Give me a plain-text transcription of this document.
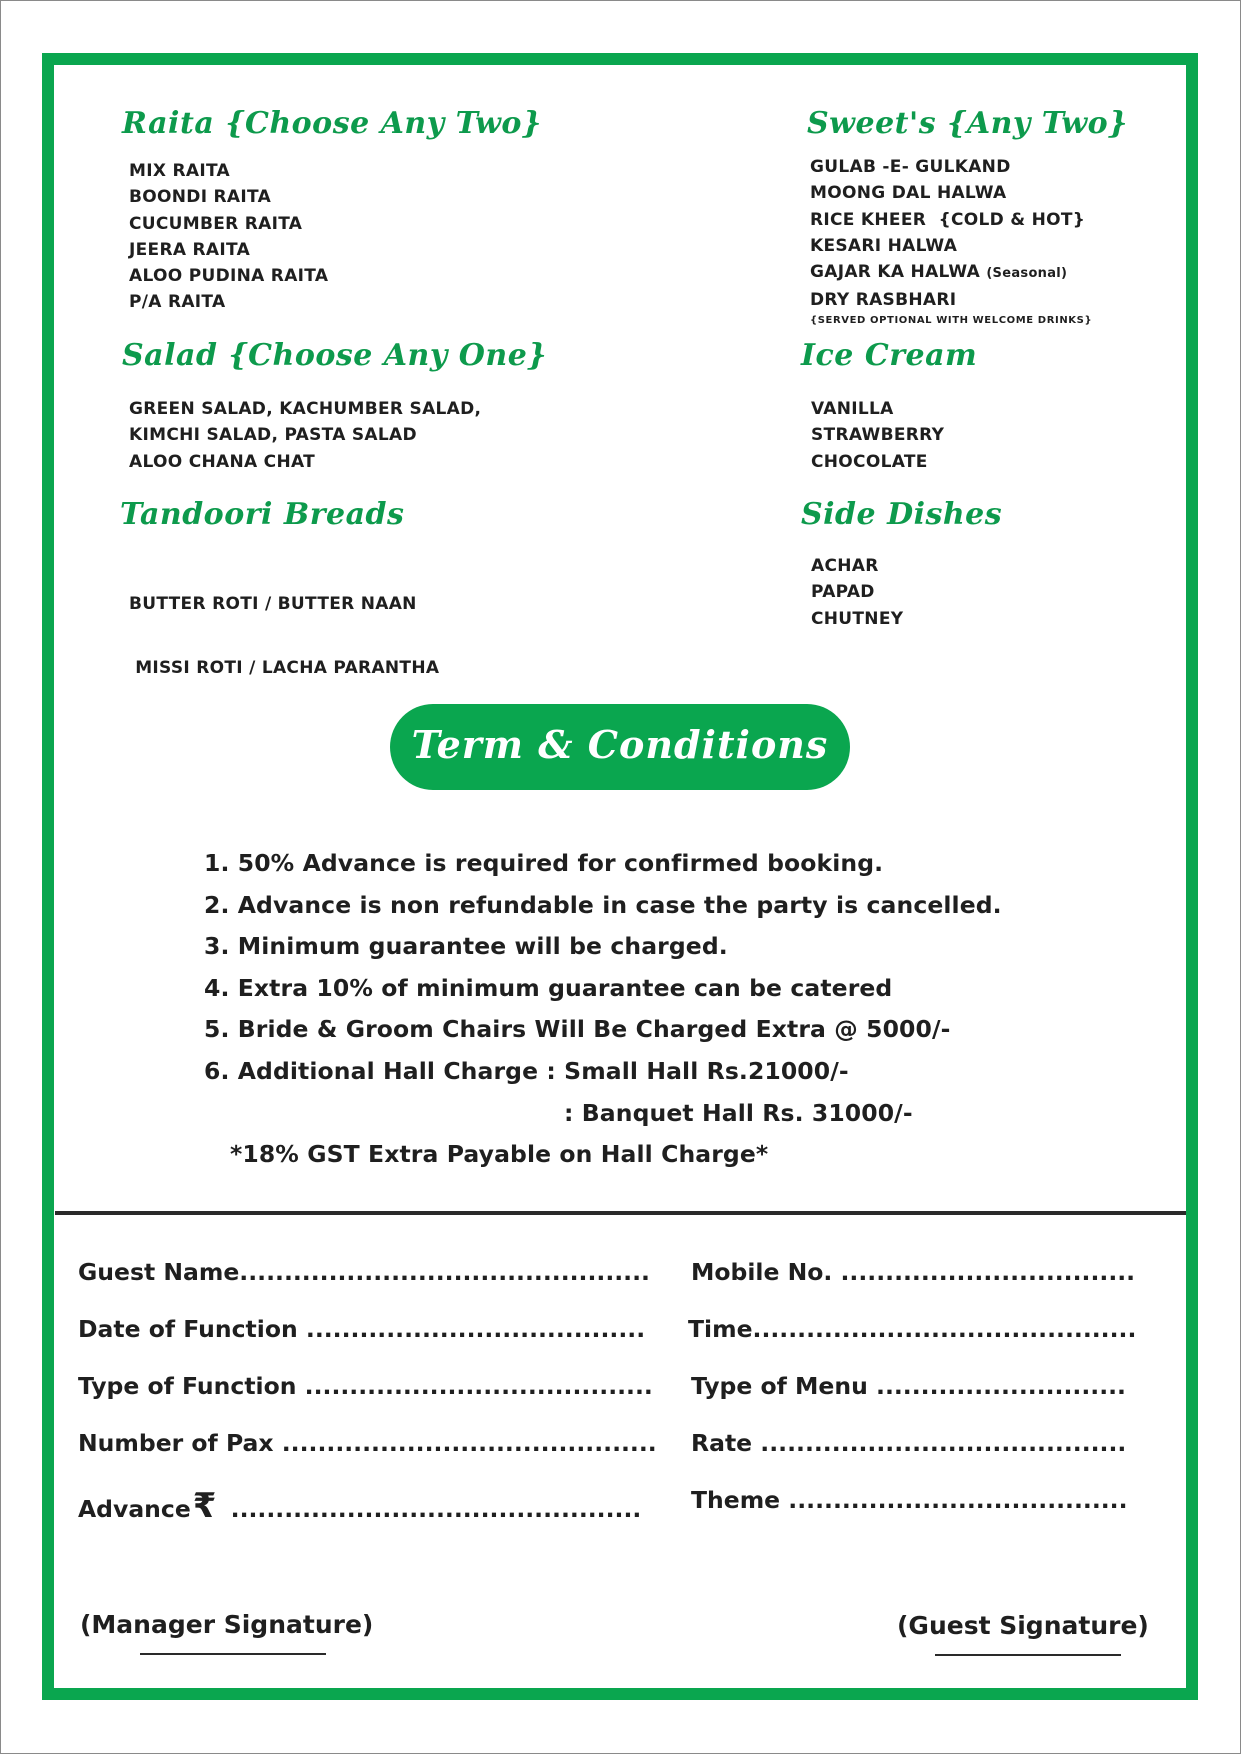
Raita {Choose Any Two}
MIX RAITA
BOONDI RAITA
CUCUMBER RAITA
JEERA RAITA
ALOO PUDINA RAITA
P/A RAITA
Salad {Choose Any One}
GREEN SALAD, KACHUMBER SALAD,
KIMCHI SALAD, PASTA SALAD
ALOO CHANA CHAT
Tandoori Breads

BUTTER ROTI / BUTTER NAAN

MISSI ROTI / LACHA PARANTHA

Sweet's {Any Two}
GULAB -E- GULKAND
MOONG DAL HALWA
RICE KHEER  {COLD & HOT}
KESARI HALWA
GAJAR KA HALWA (Seasonal)
DRY RASBHARI
{SERVED OPTIONAL WITH WELCOME DRINKS}
Ice Cream
VANILLA
STRAWBERRY
CHOCOLATE
Side Dishes
ACHAR
PAPAD
CHUTNEY
Term & Conditions
1. 50% Advance is required for confirmed booking.
2. Advance is non refundable in case the party is cancelled.
3. Minimum guarantee will be charged.
4. Extra 10% of minimum guarantee can be catered
5. Bride & Groom Chairs Will Be Charged Extra @ 5000/-
6. Additional Hall Charge : Small Hall Rs.21000/-
: Banquet Hall Rs. 31000/-
*18% GST Extra Payable on Hall Charge*
Guest Name.............................................. Mobile No. .................................
Date of Function ...................................... Time...........................................
Type of Function ....................................... Type of Menu ............................
Number of Pax .......................................... Rate .........................................
Advance₹ .............................................. Theme ......................................
(Manager Signature)	(Guest Signature)
